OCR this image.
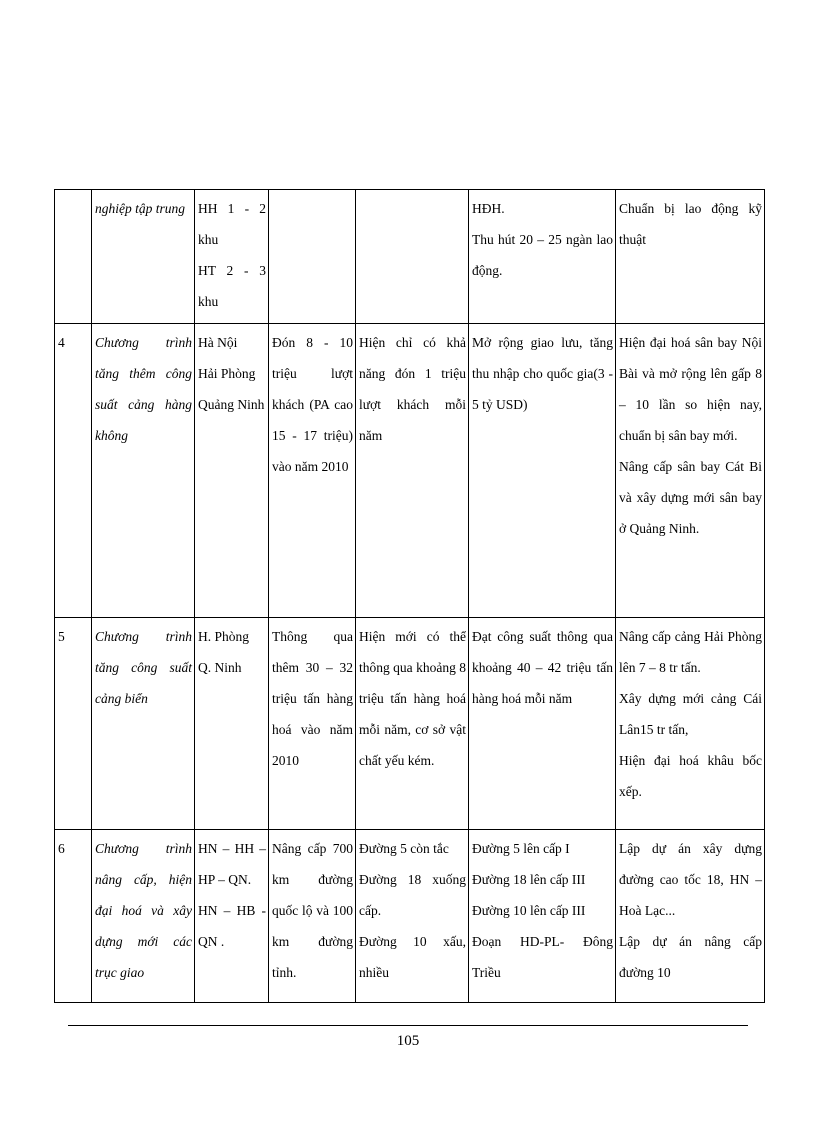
	nghiệp tập trung	HH 1 - 2 khu
HT 2 - 3 khu			HĐH.
Thu hút 20 – 25 ngàn lao động.	Chuẩn bị lao động kỹ thuật

4	Chương trình tăng thêm công suất cảng hàng không	Hà Nội
Hải Phòng
Quảng Ninh	Đón 8 - 10 triệu lượt khách (PA cao 15 - 17 triệu) vào năm 2010	Hiện chỉ có khả năng đón 1 triệu lượt khách mỗi năm	Mở rộng giao lưu, tăng thu nhập cho quốc gia(3 - 5 tỷ USD)	Hiện đại hoá sân bay Nội Bài và mở rộng lên gấp 8 – 10 lần so hiện nay, chuẩn bị sân bay mới.
Nâng cấp sân bay Cát Bi và xây dựng mới sân bay ở Quảng Ninh.

5	Chương trình tăng công suất cảng biển	H. Phòng
Q. Ninh	Thông qua thêm 30 – 32 triệu tấn hàng hoá vào năm 2010	Hiện mới có thể thông qua khoảng 8 triệu tấn hàng hoá mỗi năm, cơ sở vật chất yếu kém.	Đạt công suất thông qua khoảng 40 – 42 triệu tấn hàng hoá mỗi năm	Nâng cấp cảng Hải Phòng lên 7 – 8 tr tấn.
Xây dựng mới cảng Cái Lân15 tr tấn,
Hiện đại hoá khâu bốc xếp.

6	Chương trình nâng cấp, hiện đại hoá và xây dựng mới các trục giao	HN – HH – HP – QN.
HN – HB - QN .	Nâng cấp 700 km đường quốc lộ và 100 km đường tỉnh.	Đường 5 còn tắc
Đường 18 xuống cấp.
Đường 10 xấu, nhiều	Đường 5 lên cấp I
Đường 18 lên cấp III
Đường 10 lên cấp III
Đoạn HD-PL- Đông Triều	Lập dự án xây dựng đường cao tốc 18, HN – Hoà Lạc...
Lập dự án nâng cấp đường 10
105
